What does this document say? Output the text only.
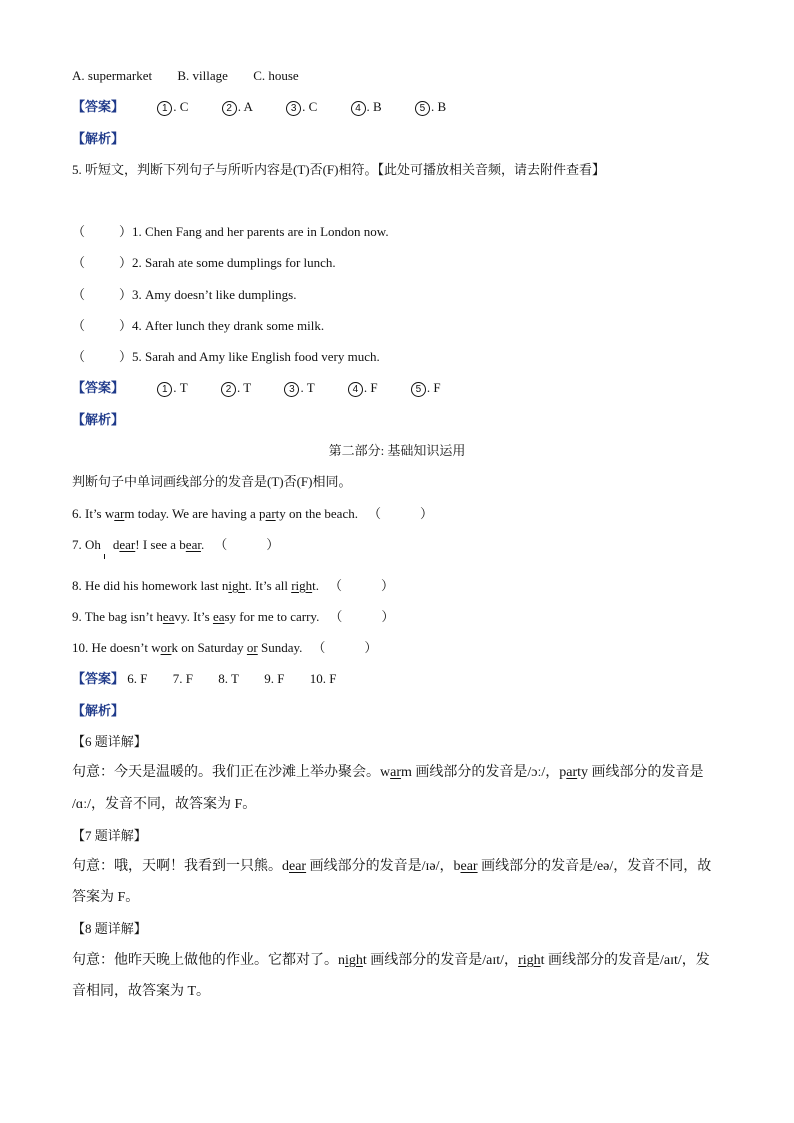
A. supermarket B. village C. house
【答案】	1 . C	2 . A	3 . C	4 . B	5 . B
【解析】
5. 听短文，判断下列句子与所听内容是(T)否(F)相符。【此处可播放相关音频，请去附件查看】
（	）1. Chen Fang and her parents are in London now.
（	）2. Sarah ate some dumplings for lunch.
（	）3. Amy doesn’t like dumplings.
（	）4. After lunch they drank some milk.
（	）5. Sarah and Amy like English food very much.
【答案】	1 . T	2 . T	3 . T	4 . F	5 . F
【解析】
第二部分: 基础知识运用
判断句子中单词画线部分的发音是(T)否(F)相同。
6. It’s warm today. We are having a party on the beach. （　　　）
7. Oh dear! I see a bear. （　　　）
8. He did his homework last night. It’s all right. （　　　）
9. The bag isn’t heavy. It’s easy for me to carry. （　　　）
10. He doesn’t work on Saturday or Sunday. （　　　）
【答案】 6. F 7. F 8. T 9. F 10. F
【解析】
【6 题详解】
句意：今天是温暖的。我们正在沙滩上举办聚会。warm 画线部分的发音是/ɔː/，party 画线部分的发音是
/ɑː/，发音不同，故答案为 F。
【7 题详解】
句意：哦，天啊！我看到一只熊。dear 画线部分的发音是/ɪə/，bear 画线部分的发音是/eə/，发音不同，故
答案为 F。
【8 题详解】
句意：他昨天晚上做他的作业。它都对了。night 画线部分的发音是/aɪt/，right 画线部分的发音是/aɪt/，发
音相同，故答案为 T。
